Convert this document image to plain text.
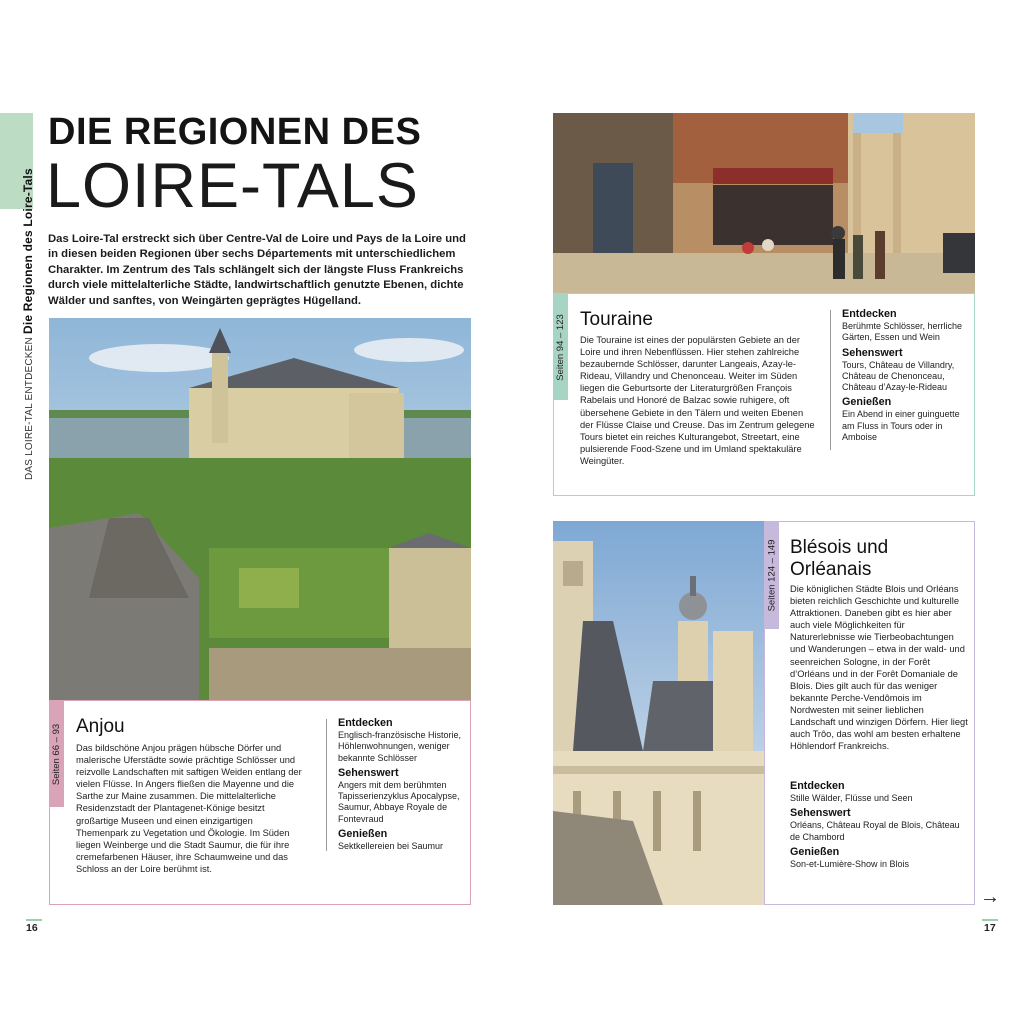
DAS LOIRE-TAL ENTDECKEN Die Regionen des Loire-Tals
DIE REGIONEN DES
LOIRE-TALS
Das Loire-Tal erstreckt sich über Centre-Val de Loire und Pays de la Loire und in diesen beiden Regionen über sechs Départements mit unterschiedlichem Charakter. Im Zentrum des Tals schlängelt sich der längste Fluss Frankreichs durch viele mittelalterliche Städte, landwirtschaftlich genutzte Ebenen, dichte Wälder und sanftes, von Weingärten geprägtes Hügelland.
Seiten 66 – 93 Anjou
Das bildschöne Anjou prägen hübsche Dörfer und malerische Uferstädte sowie prächtige Schlösser und reizvolle Landschaften mit saftigen Weiden entlang der vielen Flüsse. In Angers fließen die Mayenne und die Sarthe zur Maine zusammen. Die mittelalterliche Residenzstadt der Plantagenet-Könige besitzt großartige Museen und einen einzigartigen Themenpark zu Vegetation und Ökologie. Im Süden liegen Weinberge und die Stadt Saumur, die für ihre cremefarbenen Häuser, ihre Schaumweine und das Schloss an der Loire berühmt ist.
Entdecken
Englisch-französische Historie, Höhlenwohnungen, weniger bekannte Schlösser
Sehenswert
Angers mit dem berühmten Tapisserienzyklus Apocalypse, Saumur, Abbaye Royale de Fontevraud
Genießen
Sektkellereien bei Saumur
16
Seiten 94 – 123 Touraine
Die Touraine ist eines der populärsten Gebiete an der Loire und ihren Nebenflüssen. Hier stehen zahlreiche bezaubernde Schlösser, darunter Langeais, Azay-le-Rideau, Villandry und Chenonceau. Weiter im Süden liegen die Geburtsorte der Literaturgrößen François Rabelais und Honoré de Balzac sowie ruhigere, oft übersehene Gebiete in den Tälern und weiten Ebenen der Flüsse Claise und Creuse. Das im Zentrum gelegene Tours bietet ein reiches Kulturangebot, Streetart, eine pulsierende Food-Szene und im Umland spektakuläre Weingüter.
Entdecken
Berühmte Schlösser, herrliche Gärten, Essen und Wein
Sehenswert
Tours, Château de Villandry, Château de Chenonceau, Château d’Azay-le-Rideau
Genießen
Ein Abend in einer guinguette am Fluss in Tours oder in Amboise
Seiten 124 – 149 Blésois und
Orléanais
Die königlichen Städte Blois und Orléans bieten reichlich Geschichte und kulturelle Attraktionen. Daneben gibt es hier aber auch viele Möglichkeiten für Naturerlebnisse wie Tierbeobachtungen und Wanderungen – etwa in der wald- und seenreichen Sologne, in der Forêt d’Orléans und in der Forêt Domaniale de Blois. Dies gilt auch für das weniger bekannte Perche-Vendômois im Nordwesten mit seiner lieblichen Landschaft und winzigen Dörfern. Hier liegt auch Trôo, das wohl am besten erhaltene Höhlendorf Frankreichs.
Entdecken
Stille Wälder, Flüsse und Seen
Sehenswert
Orléans, Château Royal de Blois, Château de Chambord
Genießen
Son-et-Lumière-Show in Blois
→
17
